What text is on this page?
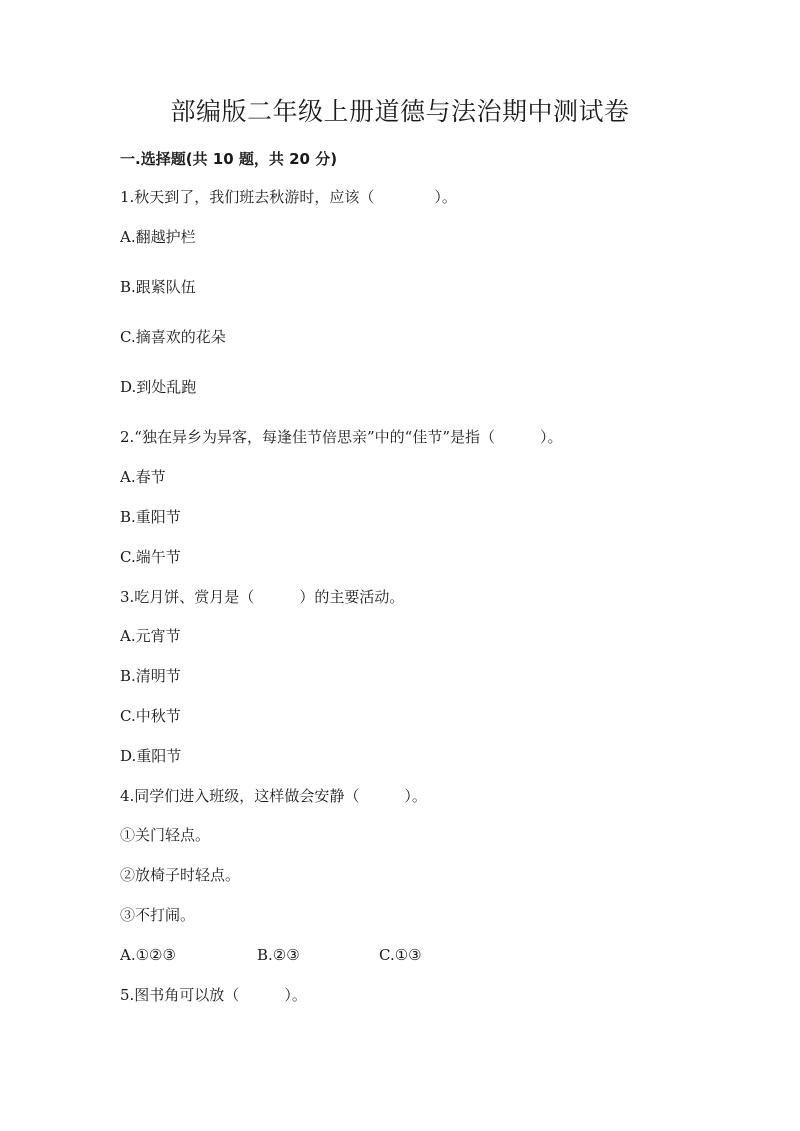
部编版二年级上册道德与法治期中测试卷
一.选择题(共 10 题，共 20 分)
1.秋天到了，我们班去秋游时，应该（　　　　）。
A.翻越护栏
B.跟紧队伍
C.摘喜欢的花朵
D.到处乱跑
2.“独在异乡为异客，每逢佳节倍思亲”中的“佳节”是指（　　　）。
A.春节
B.重阳节
C.端午节
3.吃月饼、赏月是（　　　）的主要活动。
A.元宵节
B.清明节
C.中秋节
D.重阳节
4.同学们进入班级，这样做会安静（　　　）。
①关门轻点。
②放椅子时轻点。
③不打闹。
A.①②③	B.②③	C.①③
5.图书角可以放（　　　）。
